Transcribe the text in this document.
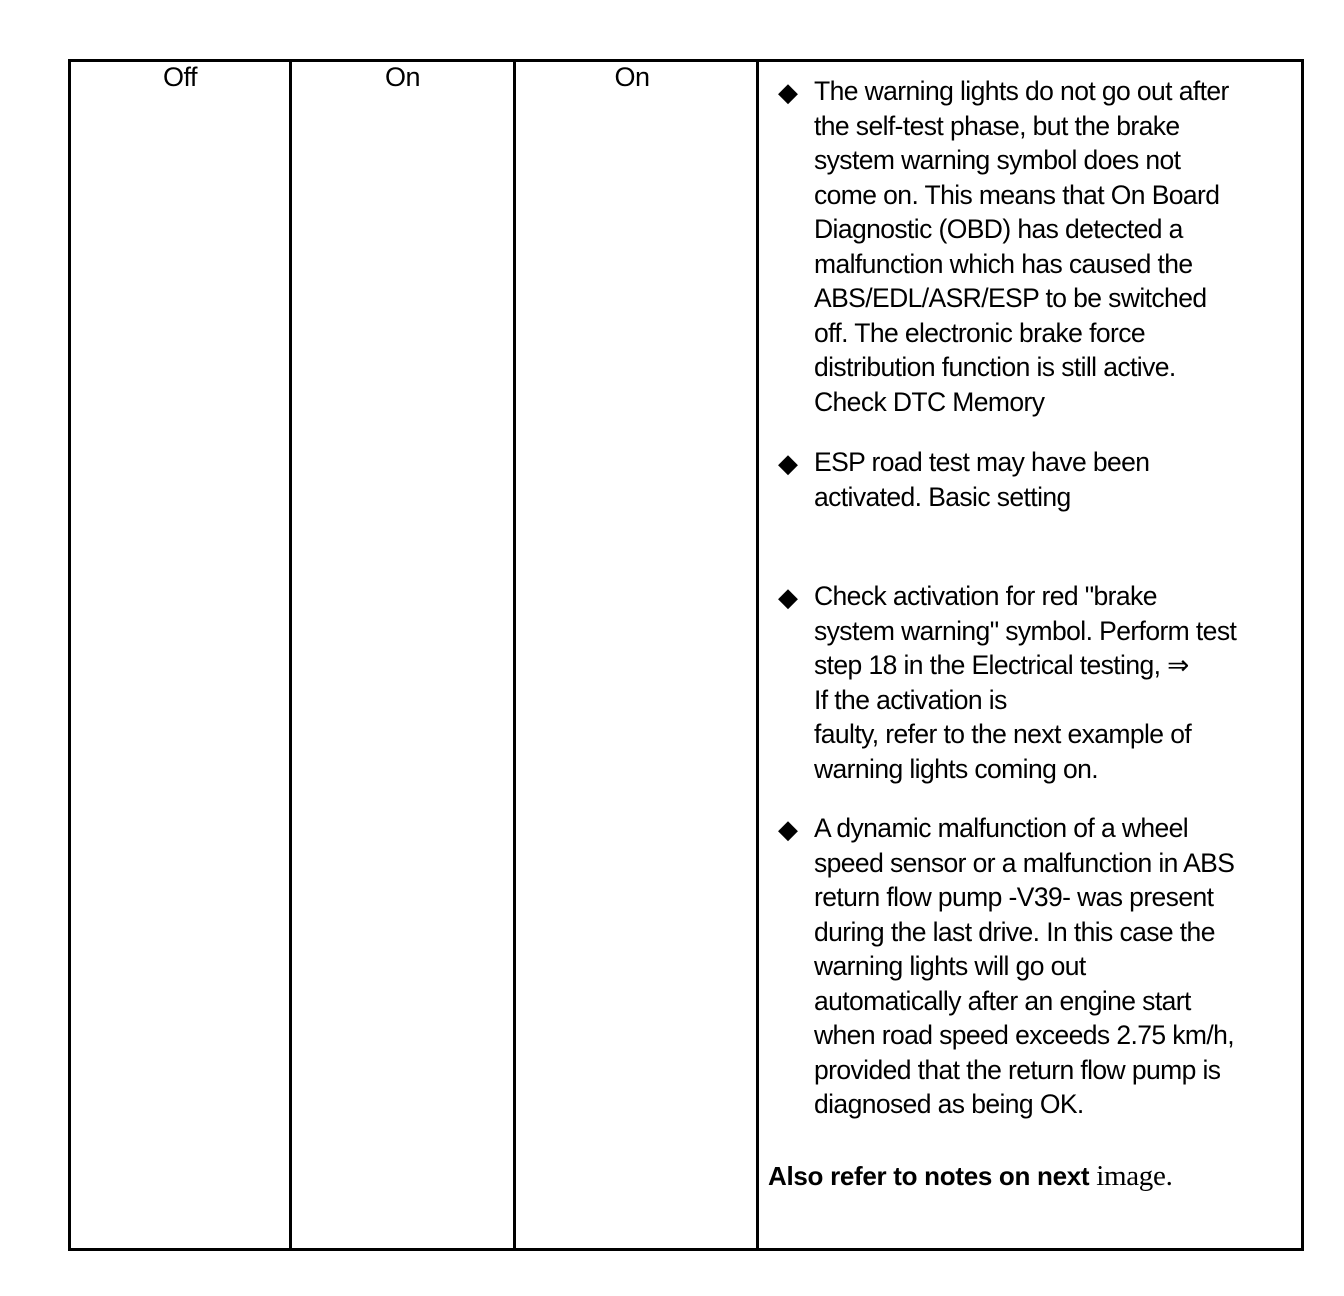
Off	On	On	◆ The warning lights do not go out after
the self-test phase, but the brake
system warning symbol does not
come on. This means that On Board
Diagnostic (OBD) has detected a
malfunction which has caused the
ABS/EDL/ASR/ESP to be switched
off. The electronic brake force
distribution function is still active.
Check DTC Memory
◆ ESP road test may have been
activated. Basic setting
◆ Check activation for red "brake
system warning" symbol. Perform test
step 18 in the Electrical testing, ⇒
If the activation is
faulty, refer to the next example of
warning lights coming on.
◆ A dynamic malfunction of a wheel
speed sensor or a malfunction in ABS
return flow pump -V39- was present
during the last drive. In this case the
warning lights will go out
automatically after an engine start
when road speed exceeds 2.75 km/h,
provided that the return flow pump is
diagnosed as being OK.
Also refer to notes on next image.
